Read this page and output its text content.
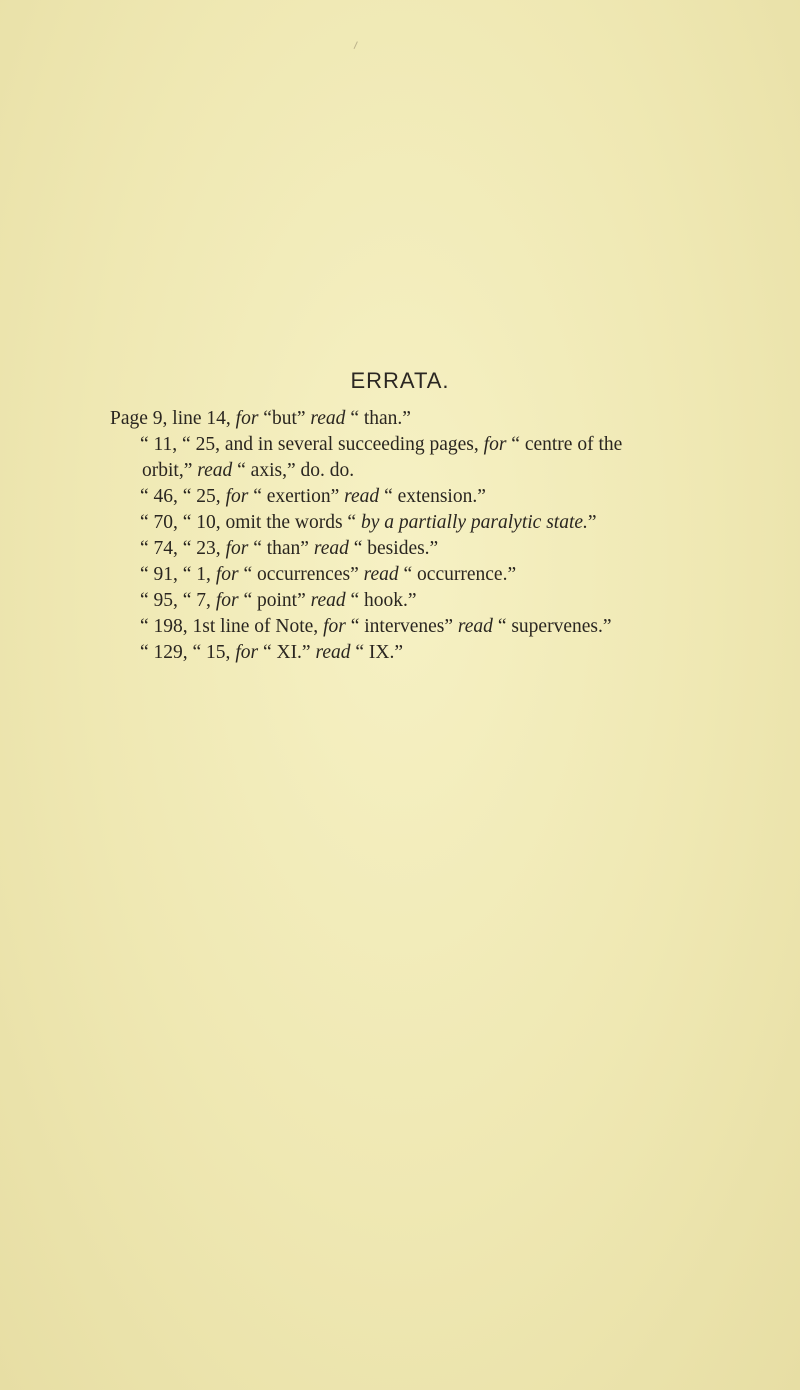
ERRATA.
Page 9, line 14, for “but” read “ than.”
“ 11, “ 25, and in several succeeding pages, for “ centre of the
orbit,” read “ axis,” do. do.
“ 46, “ 25, for “ exertion” read “ extension.”
“ 70, “ 10, omit the words “ by a partially paralytic state.”
“ 74, “ 23, for “ than” read “ besides.”
“ 91, “ 1, for “ occurrences” read “ occurrence.”
“ 95, “ 7, for “ point” read “ hook.”
“ 198, 1st line of Note, for “ intervenes” read “ supervenes.”
“ 129, “ 15, for “ XI.” read “ IX.”
